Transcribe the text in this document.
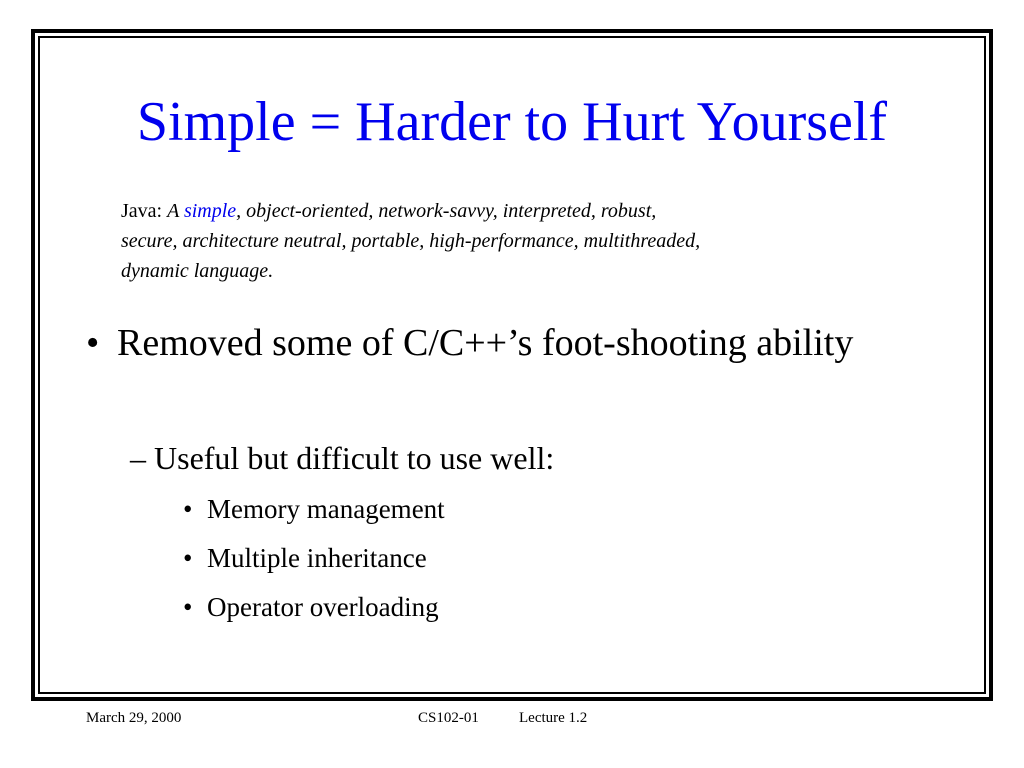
Simple = Harder to Hurt Yourself
Java: A simple, object-oriented, network-savvy, interpreted, robust,
secure, architecture neutral, portable, high-performance, multithreaded,
dynamic language.
• Removed some of C/C++’s foot-shooting ability
– Useful but difficult to use well:
• Memory management
• Multiple inheritance
• Operator overloading
March 29, 2000	CS102-01	Lecture 1.2
